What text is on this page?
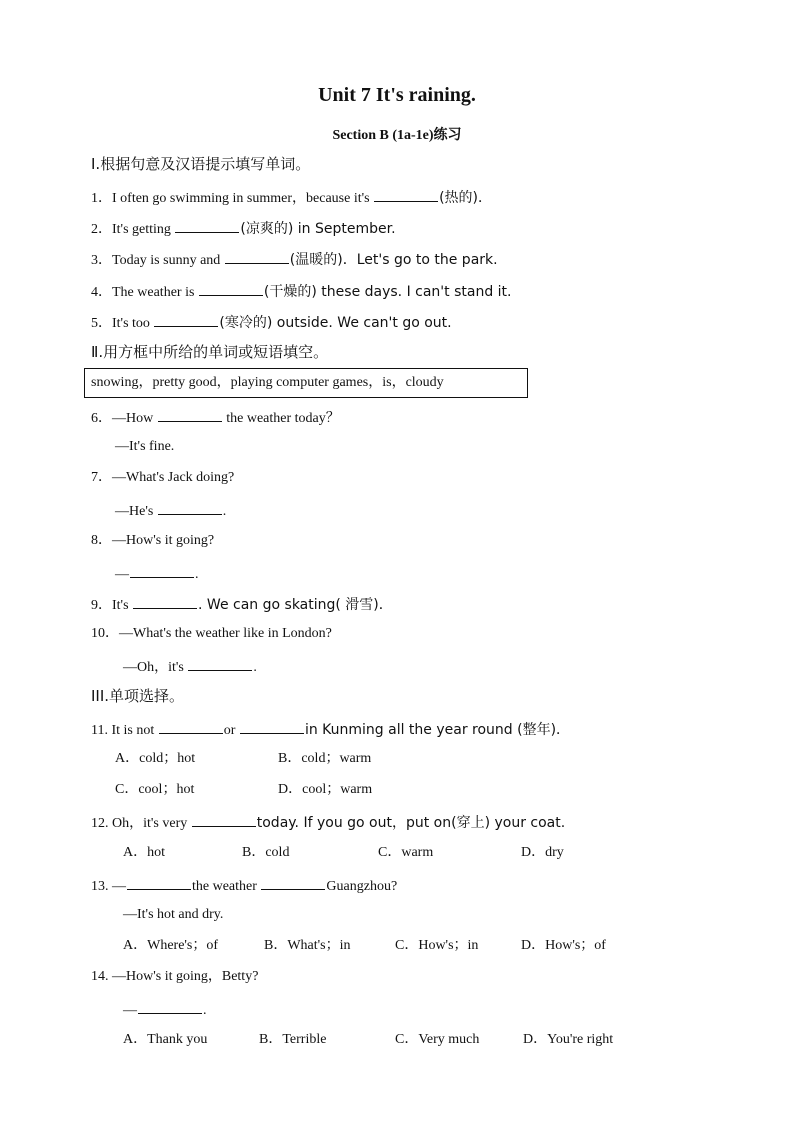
Unit 7 It's raining.
Section B (1a-1e)练习
Ⅰ.根据句意及汉语提示填写单词。
1．I often go swimming in summer，because it's	(热的)．
2．It's getting	(凉爽的) in September.
3．Today is sunny and	(温暖的)．Let's go to the park.
4．The weather is	(干燥的) these days. I can't stand it.
5．It's too	(寒冷的) outside. We can't go out.
Ⅱ.用方框中所给的单词或短语填空。
snowing，pretty good，playing computer games，is，cloudy
6．—How	the weather today？
—It's fine.
7．—What's Jack doing?
—He's	.
8．—How's it going?
—	.
9．It's	. We can go skating( 滑雪)．
10．—What's the weather like in London?
—Oh，it's	.
III.单项选择。
11. It is not	or	in Kunming all the year round (整年)．
A．cold；hot	B．cold；warm
C．cool；hot	D．cool；warm
12. Oh，it's very	today. If you go out，put on(穿上) your coat.
A．hot	B．cold	C．warm	D．dry
13. —	the weather	Guangzhou?
—It's hot and dry.
A．Where's；of	B．What's；in	C．How's；in	D．How's；of
14. —How's it going，Betty?
—	.
A．Thank you	B．Terrible	C．Very much	D．You're right
